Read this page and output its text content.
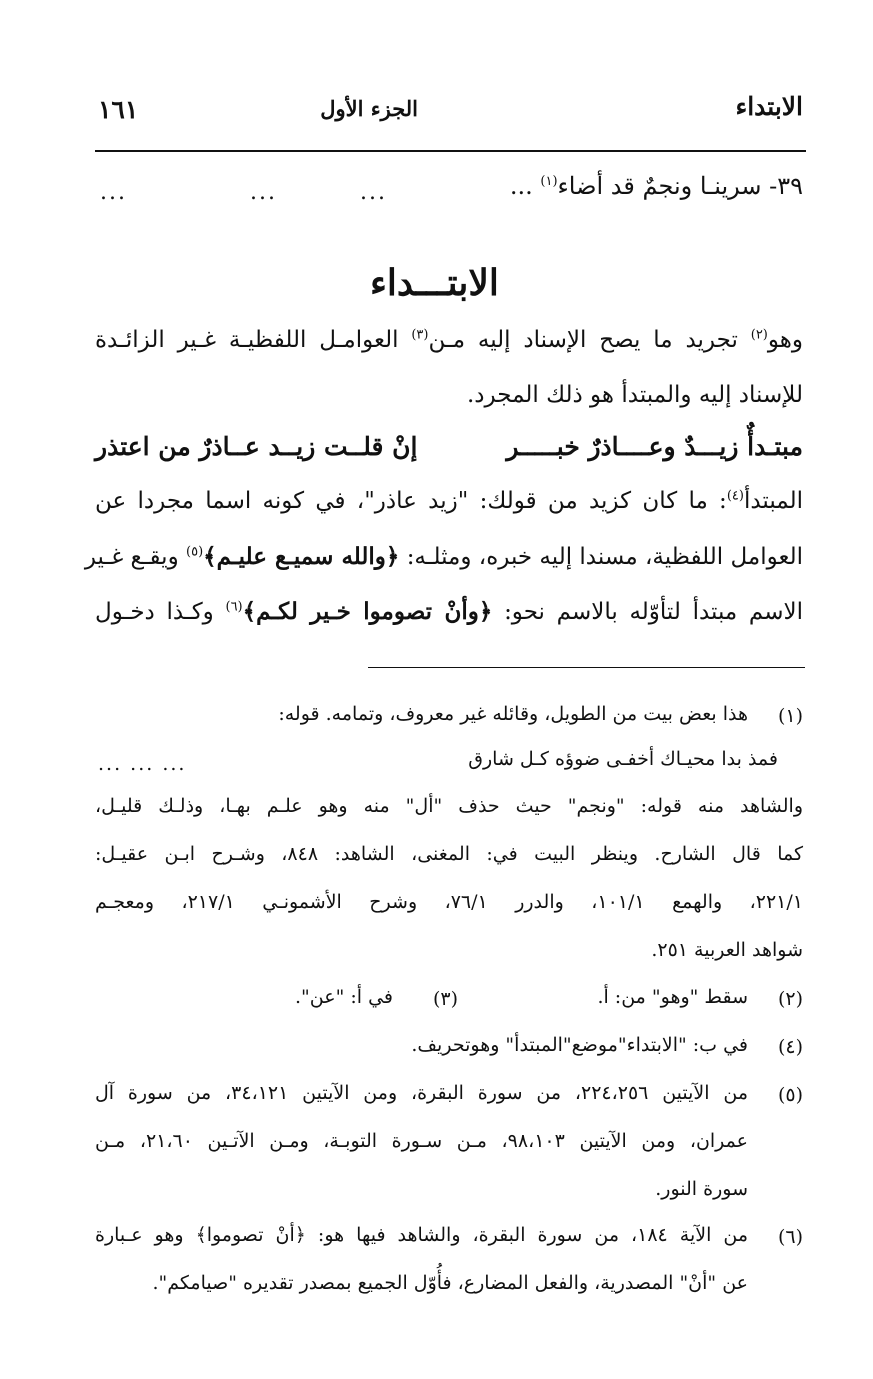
الابتداء
الجزء الأول
١٦١
٣٩- سرينـا ونجمٌ قد أضاء$^{(١)}$ ...
...
...
...
الابتـــداء
وهو$^{(٢)}$ تجريد ما يصح الإسناد إليه مـن$^{(٣)}$ العوامـل اللفظيـة غـير الزائـدة
للإسناد إليه والمبتدأ هو ذلك المجرد.
مبتـدأٌ زيـــدٌ وعــــاذرٌ خبـــــر
إنْ قلــت زيــد عــاذرٌ من اعتذر
المبتدأ$^{(٤)}$: ما كان كزيد من قولك: "زيد عاذر"، في كونه اسما مجردا عن
العوامل اللفظية، مسندا إليه خبره، ومثلـه: ﴿والله سميـع عليـم﴾$^{(٥)}$ ويقـع غـير
الاسم مبتدأ لتأوّله بالاسم نحو: ﴿وأنْ تصوموا خـير لكـم﴾$^{(٦)}$ وكـذا دخـول
(١)
هذا بعض بيت من الطويل، وقائله غير معروف، وتمامه. قوله:
فمذ بدا محيـاك أخفـى ضوؤه كـل شارق
... ... ...
والشاهد منه قوله: "ونجم" حيث حذف "أل" منه وهو علـم بهـا، وذلـك قليـل،
كما قال الشارح. وينظر البيت في: المغنى، الشاهد: ٨٤٨، وشـرح ابـن عقيـل:
٢٢١/١، والهمع ١٠١/١، والدرر ٧٦/١، وشرح الأشمونـي ٢١٧/١، ومعجـم
شواهد العربية ٢٥١.
(٢)
سقط "وهو" من: أ.
(٣)
في أ: "عن".
(٤)
في ب: "الابتداء"موضع"المبتدأ" وهوتحريف.
(٥)
من الآيتين ٢٢٤،٢٥٦، من سورة البقرة، ومن الآيتين ٣٤،١٢١، من سورة آل
عمران، ومن الآيتين ٩٨،١٠٣، مـن سـورة التوبـة، ومـن الآتـين ٢١،٦٠، مـن
سورة النور.
(٦)
من الآية ١٨٤، من سورة البقرة، والشاهد فيها هو: ﴿أنْ تصوموا﴾ وهو عـبارة
عن "أنْ" المصدرية، والفعل المضارع، فأُوّل الجميع بمصدر تقديره "صيامكم".
